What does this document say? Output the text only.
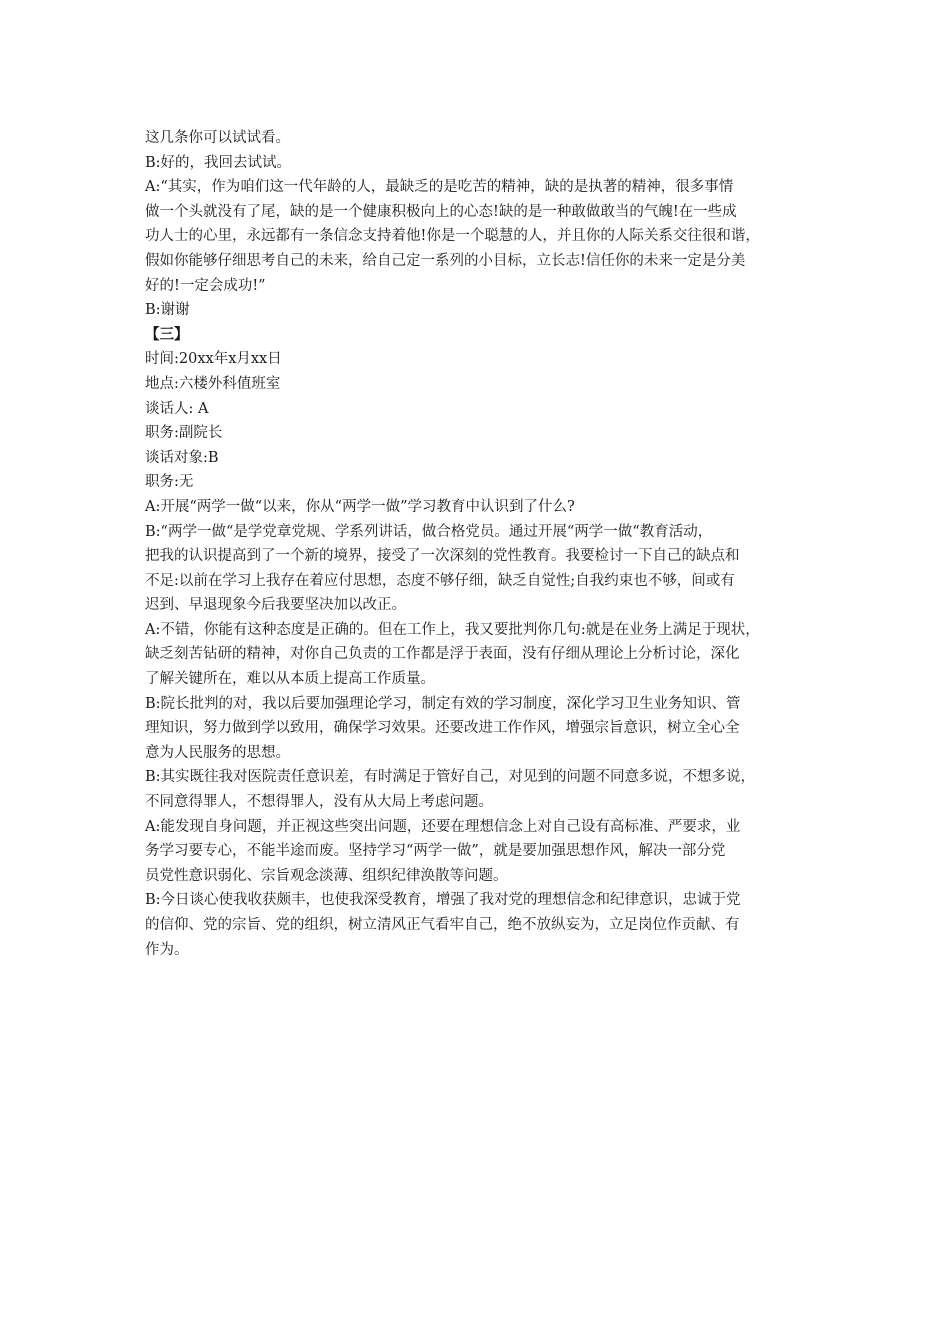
这几条你可以试试看。
B:好的，我回去试试。
A:“其实，作为咱们这一代年龄的人，最缺乏的是吃苦的精神，缺的是执著的精神，很多事情
做一个头就没有了尾，缺的是一个健康积极向上的心态!缺的是一种敢做敢当的气魄!在一些成
功人士的心里，永远都有一条信念支持着他!你是一个聪慧的人，并且你的人际关系交往很和谐，
假如你能够仔细思考自己的未来，给自己定一系列的小目标，立长志!信任你的未来一定是分美
好的!一定会成功!”
B:谢谢
【三】
时间:20xx年x月xx日
地点:六楼外科值班室
谈话人: A
职务:副院长
谈话对象:B
职务:无
A:开展“两学一做“以来，你从“两学一做”学习教育中认识到了什么?
B:“两学一做“是学党章党规、学系列讲话，做合格党员。通过开展“两学一做“教育活动，
把我的认识提高到了一个新的境界，接受了一次深刻的党性教育。我要检讨一下自己的缺点和
不足:以前在学习上我存在着应付思想，态度不够仔细，缺乏自觉性;自我约束也不够，间或有
迟到、早退现象今后我要坚决加以改正。
A:不错，你能有这种态度是正确的。但在工作上，我又要批判你几句:就是在业务上满足于现状，
缺乏刻苦钻研的精神，对你自己负责的工作都是浮于表面，没有仔细从理论上分析讨论，深化
了解关键所在，难以从本质上提高工作质量。
B:院长批判的对，我以后要加强理论学习，制定有效的学习制度，深化学习卫生业务知识、管
理知识，努力做到学以致用，确保学习效果。还要改进工作作风，增强宗旨意识，树立全心全
意为人民服务的思想。
B:其实既往我对医院责任意识差，有时满足于管好自己，对见到的问题不同意多说，不想多说，
不同意得罪人，不想得罪人，没有从大局上考虑问题。
A:能发现自身问题，并正视这些突出问题，还要在理想信念上对自己设有高标准、严要求，业
务学习要专心，不能半途而废。坚持学习“两学一做”，就是要加强思想作风，解决一部分党
员党性意识弱化、宗旨观念淡薄、组织纪律涣散等问题。
B:今日谈心使我收获颇丰，也使我深受教育，增强了我对党的理想信念和纪律意识，忠诚于党
的信仰、党的宗旨、党的组织，树立清风正气看牢自己，绝不放纵妄为，立足岗位作贡献、有
作为。
